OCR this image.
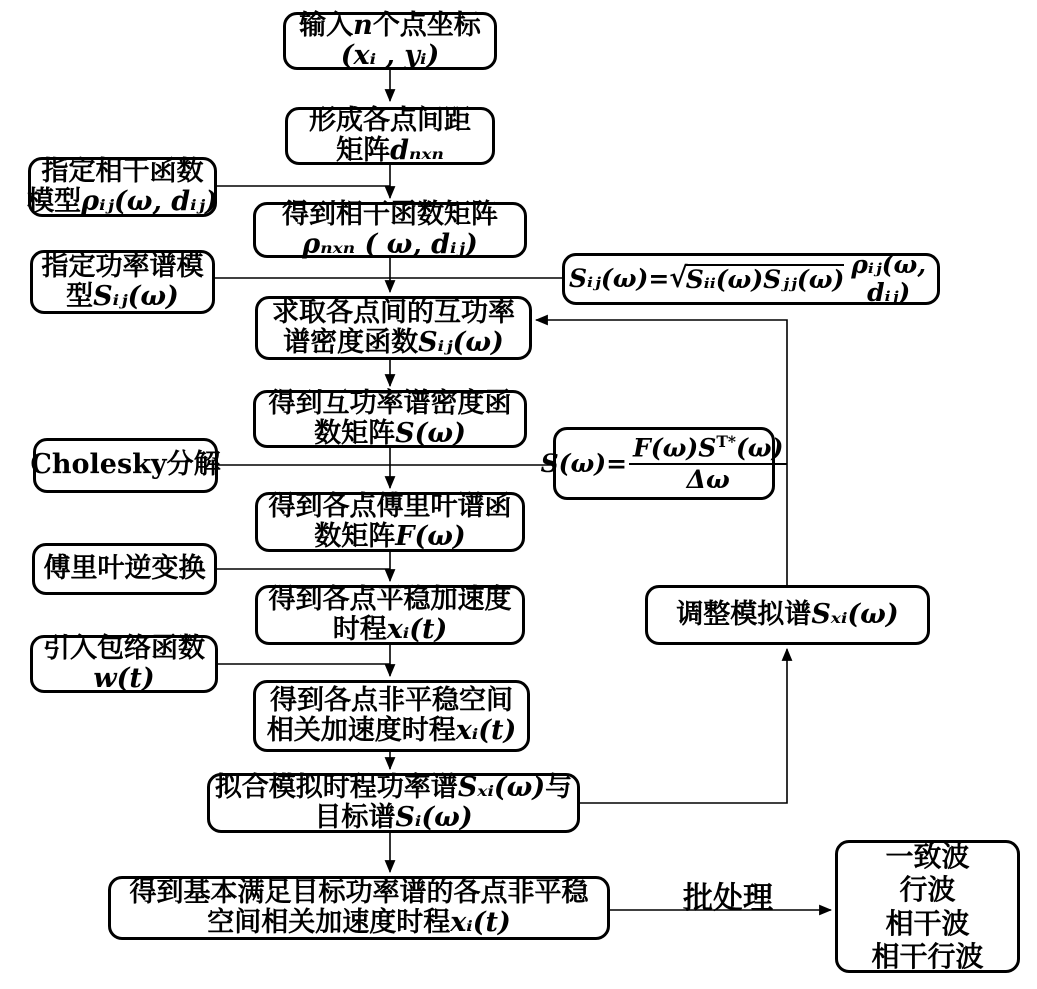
输入n个点坐标
(xᵢ , yᵢ)
形成各点间距
矩阵dₙₓₙ
得到相干函数矩阵
ρₙₓₙ ( ω, dᵢⱼ)
求取各点间的互功率
谱密度函数Sᵢⱼ(ω)
得到互功率谱密度函
数矩阵S(ω)
得到各点傅里叶谱函
数矩阵F(ω)
得到各点平稳加速度
时程xᵢ(t)
得到各点非平稳空间
相关加速度时程xᵢ(t)
拟合模拟时程功率谱Sₓᵢ(ω)与
目标谱Sᵢ(ω)
得到基本满足目标功率谱的各点非平稳
空间相关加速度时程xᵢ(t)
指定相干函数
模型ρᵢⱼ(ω, dᵢⱼ)
指定功率谱模
型Sᵢⱼ(ω)
Cholesky分解
傅里叶逆变换
引入包络函数
w(t)
Sᵢⱼ(ω)= √
Sᵢᵢ(ω)Sⱼⱼ(ω)
ρᵢⱼ(ω, dᵢⱼ)
$S(\omega)= \frac{F(\omega)S^{T*}(\omega)}{\Delta\omega}$
调整模拟谱Sₓᵢ(ω)
一致波
行波
相干波
相干行波
批处理
